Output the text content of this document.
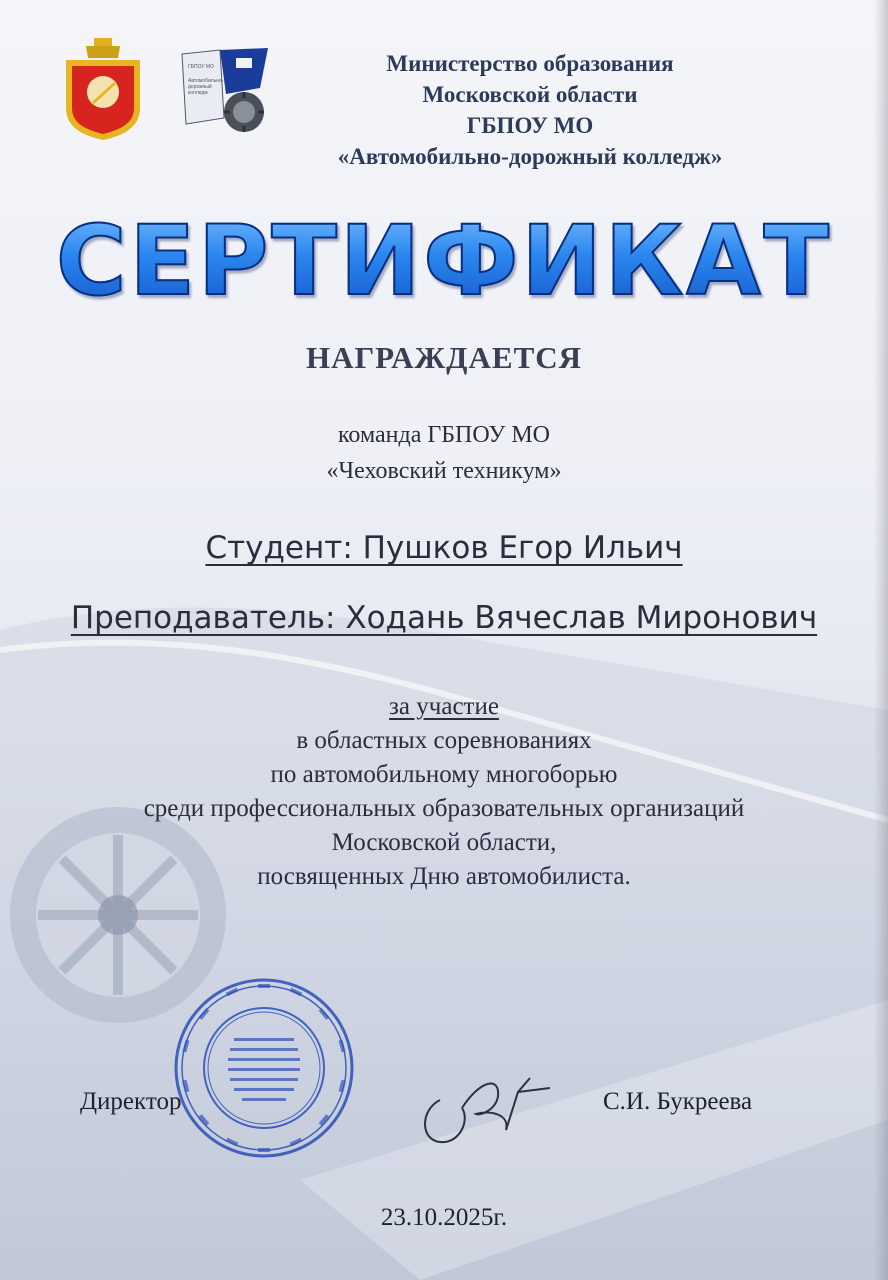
ГБПОУ МО
Автомобильно-
дорожный
колледж
Министерство образования
Московской области
ГБПОУ МО
«Автомобильно-дорожный колледж»
СЕРТИФИКАТ
НАГРАЖДАЕТСЯ
команда ГБПОУ МО
«Чеховский техникум»
Студент: Пушков Егор Ильич
Преподаватель: Ходань Вячеслав Миронович
за участие
в областных соревнованиях
по автомобильному многоборью
среди профессиональных образовательных организаций
Московской области,
посвященных Дню автомобилиста.
Директор	С.И. Букреева
23.10.2025г.
